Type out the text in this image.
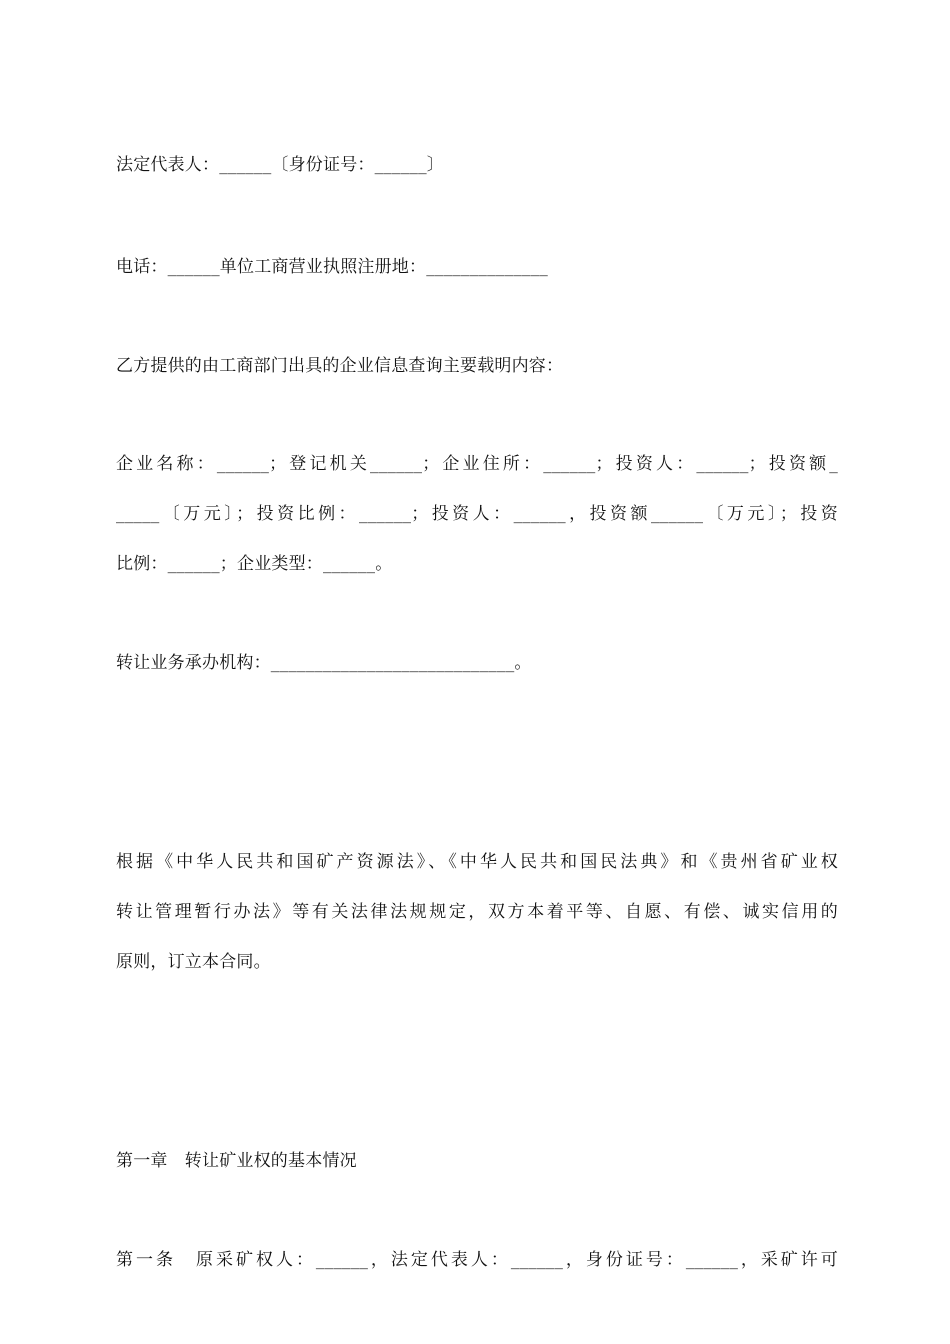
法定代表人：______〔身份证号：______〕
电话：______单位工商营业执照注册地：______________
乙方提供的由工商部门出具的企业信息查询主要载明内容：
企业名称：______；登记机关______；企业住所：______；投资人：______；投资额_
_____〔万元〕；投资比例：______；投资人：______，投资额______〔万元〕；投资
比例：______；企业类型：______。
转让业务承办机构：____________________________。
根据《中华人民共和国矿产资源法》、《中华人民共和国民法典》和《贵州省矿业权
转让管理暂行办法》等有关法律法规规定，双方本着平等、自愿、有偿、诚实信用的
原则，订立本合同。
第一章　转让矿业权的基本情况
第一条　原采矿权人：______，法定代表人：______，身份证号：______，采矿许可
